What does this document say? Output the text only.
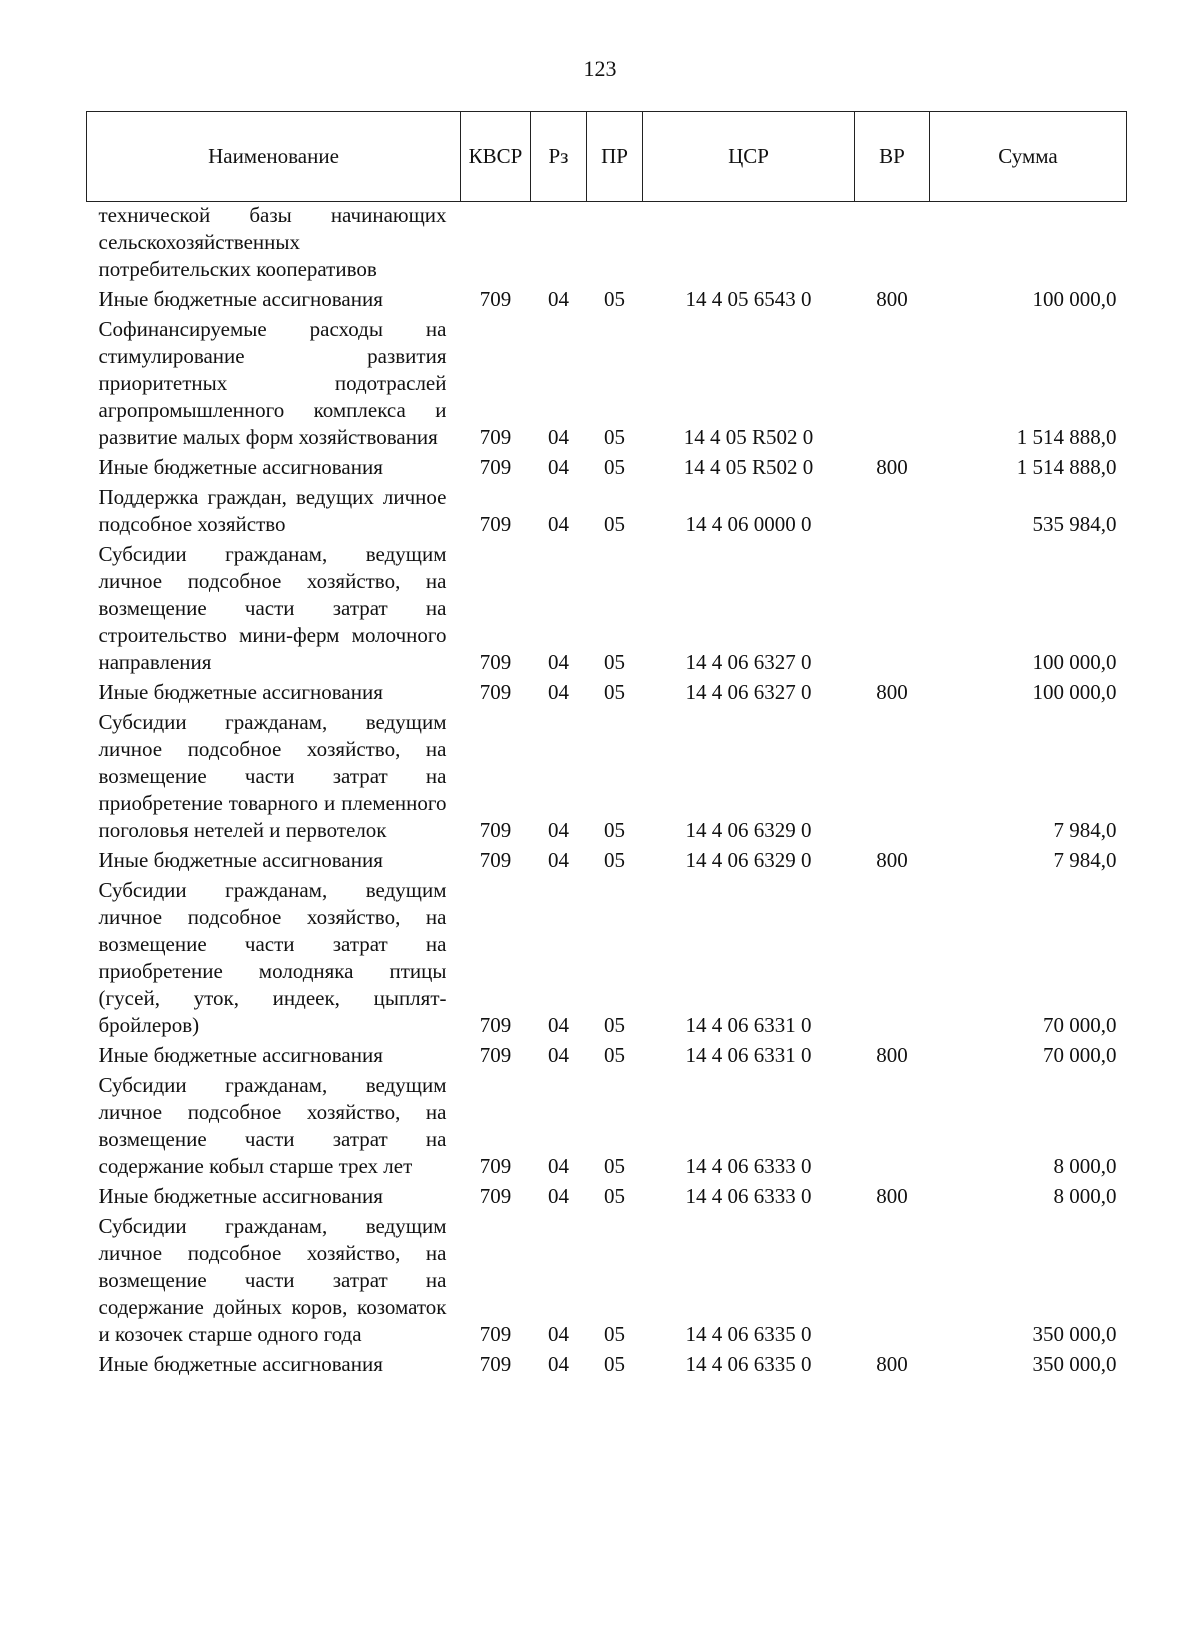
123
Наименование	КВСР	Рз	ПР	ЦСР	ВР	Сумма
технической базы начинающих сельскохозяйственных потребительских кооперативов						
Иные бюджетные ассигнования	709	04	05	14 4 05 6543 0	800	100 000,0
Софинансируемые расходы на стимулирование развития приоритетных подотраслей агропромышленного комплекса и развитие малых форм хозяйствования	709	04	05	14 4 05 R502 0		1 514 888,0
Иные бюджетные ассигнования	709	04	05	14 4 05 R502 0	800	1 514 888,0
Поддержка граждан, ведущих личное подсобное хозяйство	709	04	05	14 4 06 0000 0		535 984,0
Субсидии гражданам, ведущим личное подсобное хозяйство, на возмещение части затрат на строительство мини-ферм молочного направления	709	04	05	14 4 06 6327 0		100 000,0
Иные бюджетные ассигнования	709	04	05	14 4 06 6327 0	800	100 000,0
Субсидии гражданам, ведущим личное подсобное хозяйство, на возмещение части затрат на приобретение товарного и племенного поголовья нетелей и первотелок	709	04	05	14 4 06 6329 0		7 984,0
Иные бюджетные ассигнования	709	04	05	14 4 06 6329 0	800	7 984,0
Субсидии гражданам, ведущим личное подсобное хозяйство, на возмещение части затрат на приобретение молодняка птицы (гусей, уток, индеек, цыплят-бройлеров)	709	04	05	14 4 06 6331 0		70 000,0
Иные бюджетные ассигнования	709	04	05	14 4 06 6331 0	800	70 000,0
Субсидии гражданам, ведущим личное подсобное хозяйство, на возмещение части затрат на содержание кобыл старше трех лет	709	04	05	14 4 06 6333 0		8 000,0
Иные бюджетные ассигнования	709	04	05	14 4 06 6333 0	800	8 000,0
Субсидии гражданам, ведущим личное подсобное хозяйство, на возмещение части затрат на содержание дойных коров, козоматок и козочек старше одного года	709	04	05	14 4 06 6335 0		350 000,0
Иные бюджетные ассигнования	709	04	05	14 4 06 6335 0	800	350 000,0
